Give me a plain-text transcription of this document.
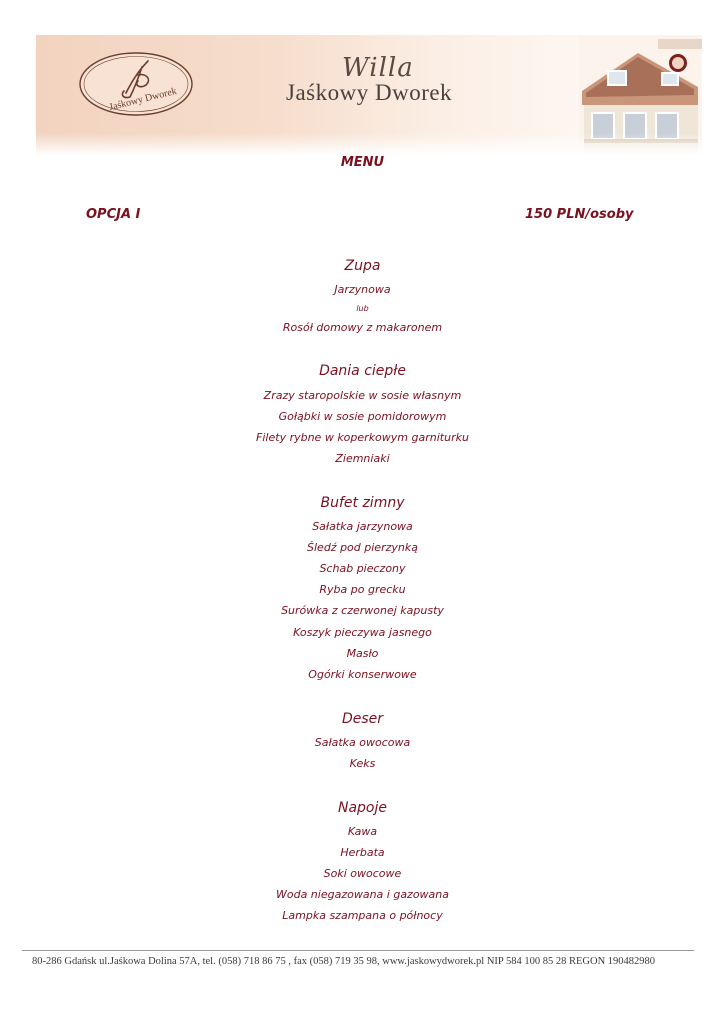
Jaśkowy Dworek
Willa
Jaśkowy Dworek
MENU
OPCJA I	150 PLN/osoby
Zupa
Jarzynowa
lub
Rosół domowy z makaronem
Dania ciepłe
Zrazy staropolskie w sosie własnym
Gołąbki w sosie pomidorowym
Filety rybne w koperkowym garniturku
Ziemniaki
Bufet zimny
Sałatka jarzynowa
Śledź pod pierzynką
Schab pieczony
Ryba po grecku
Surówka z czerwonej kapusty
Koszyk pieczywa jasnego
Masło
Ogórki konserwowe
Deser
Sałatka owocowa
Keks
Napoje
Kawa
Herbata
Soki owocowe
Woda niegazowana i gazowana
Lampka szampana o północy
80-286 Gdańsk ul.Jaśkowa Dolina 57A, tel. (058) 718 86 75 , fax (058) 719 35 98, www.jaskowydworek.pl NIP 584 100 85 28 REGON 190482980
